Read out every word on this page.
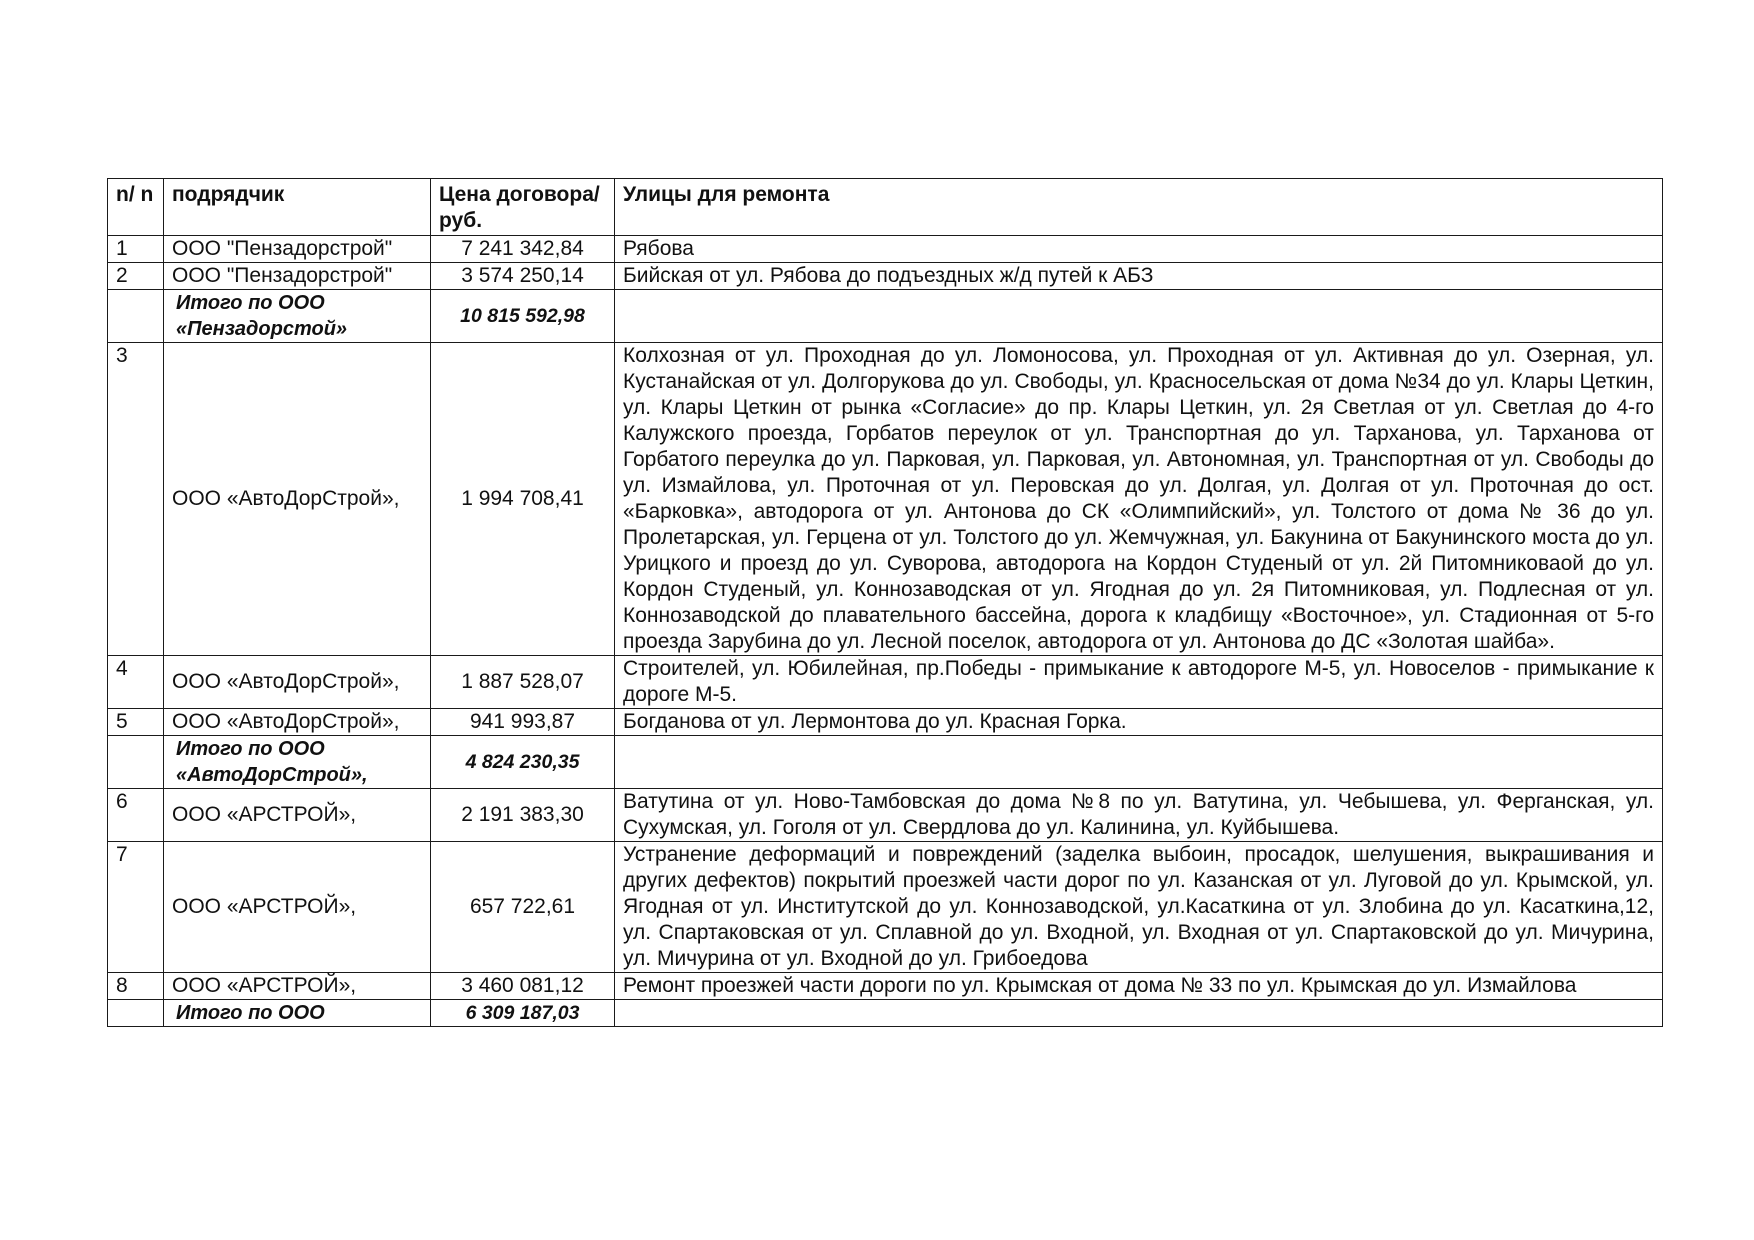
n/ n	подрядчик	Цена договора/руб.	Улицы для ремонта
1	ООО "Пензадорстрой"	7 241 342,84	Рябова
2	ООО "Пензадорстрой"	3 574 250,14	Бийская от ул. Рябова до подъездных ж/д путей к АБЗ
	Итого по ООО «Пензадорстой»	10 815 592,98	
3	ООО «АвтоДорСтрой»,	1 994 708,41	Колхозная от ул. Проходная до ул. Ломоносова, ул. Проходная от ул. Активная до ул. Озерная, ул. Кустанайская от ул. Долгорукова до ул. Свободы, ул. Красносельская от дома №34 до ул. Клары Цеткин, ул. Клары Цеткин от рынка «Согласие» до пр. Клары Цеткин, ул. 2я Светлая от ул. Светлая до 4-го Калужского проезда, Горбатов переулок от ул. Транспортная до ул. Тарханова, ул. Тарханова от Горбатого переулка до ул. Парковая, ул. Парковая, ул. Автономная, ул. Транспортная от ул. Свободы до ул. Измайлова, ул. Проточная от ул. Перовская до ул. Долгая, ул. Долгая от ул. Проточная до ост. «Барковка», автодорога от ул. Антонова до СК «Олимпийский», ул. Толстого от дома № 36 до ул. Пролетарская, ул. Герцена от ул. Толстого до ул. Жемчужная, ул. Бакунина от Бакунинского моста до ул. Урицкого и проезд до ул. Суворова, автодорога на Кордон Студеный от ул. 2й Питомниковаой до ул. Кордон Студеный, ул. Коннозаводская от ул. Ягодная до ул. 2я Питомниковая, ул. Подлесная от ул. Коннозаводской до плавательного бассейна, дорога к кладбищу «Восточное», ул. Стадионная от 5-го проезда Зарубина до ул. Лесной поселок, автодорога от ул. Антонова до ДС «Золотая шайба».
4	ООО «АвтоДорСтрой»,	1 887 528,07	Строителей, ул. Юбилейная, пр.Победы - примыкание к автодороге М-5, ул. Новоселов - примыкание к дороге М-5.
5	ООО «АвтоДорСтрой»,	941 993,87	Богданова от ул. Лермонтова до ул. Красная Горка.
	Итого по ООО «АвтоДорСтрой»,	4 824 230,35	
6	ООО «АРСТРОЙ»,	2 191 383,30	Ватутина от ул. Ново-Тамбовская до дома №8 по ул. Ватутина, ул. Чебышева, ул. Ферганская, ул. Сухумская, ул. Гоголя от ул. Свердлова до ул. Калинина, ул. Куйбышева.
7	ООО «АРСТРОЙ»,	657 722,61	Устранение деформаций и повреждений (заделка выбоин, просадок, шелушения, выкрашивания и других дефектов) покрытий проезжей части дорог по ул. Казанская от ул. Луговой до ул. Крымской, ул. Ягодная от ул. Институтской до ул. Коннозаводской, ул.Касаткина от ул. Злобина до ул. Касаткина,12, ул. Спартаковская от ул. Сплавной до ул. Входной, ул. Входная от ул. Спартаковской до ул. Мичурина, ул. Мичурина от ул. Входной до ул. Грибоедова
8	ООО «АРСТРОЙ»,	3 460 081,12	Ремонт проезжей части дороги по ул. Крымская от дома № 33 по ул. Крымская до ул. Измайлова
	Итого по ООО	6 309 187,03	
